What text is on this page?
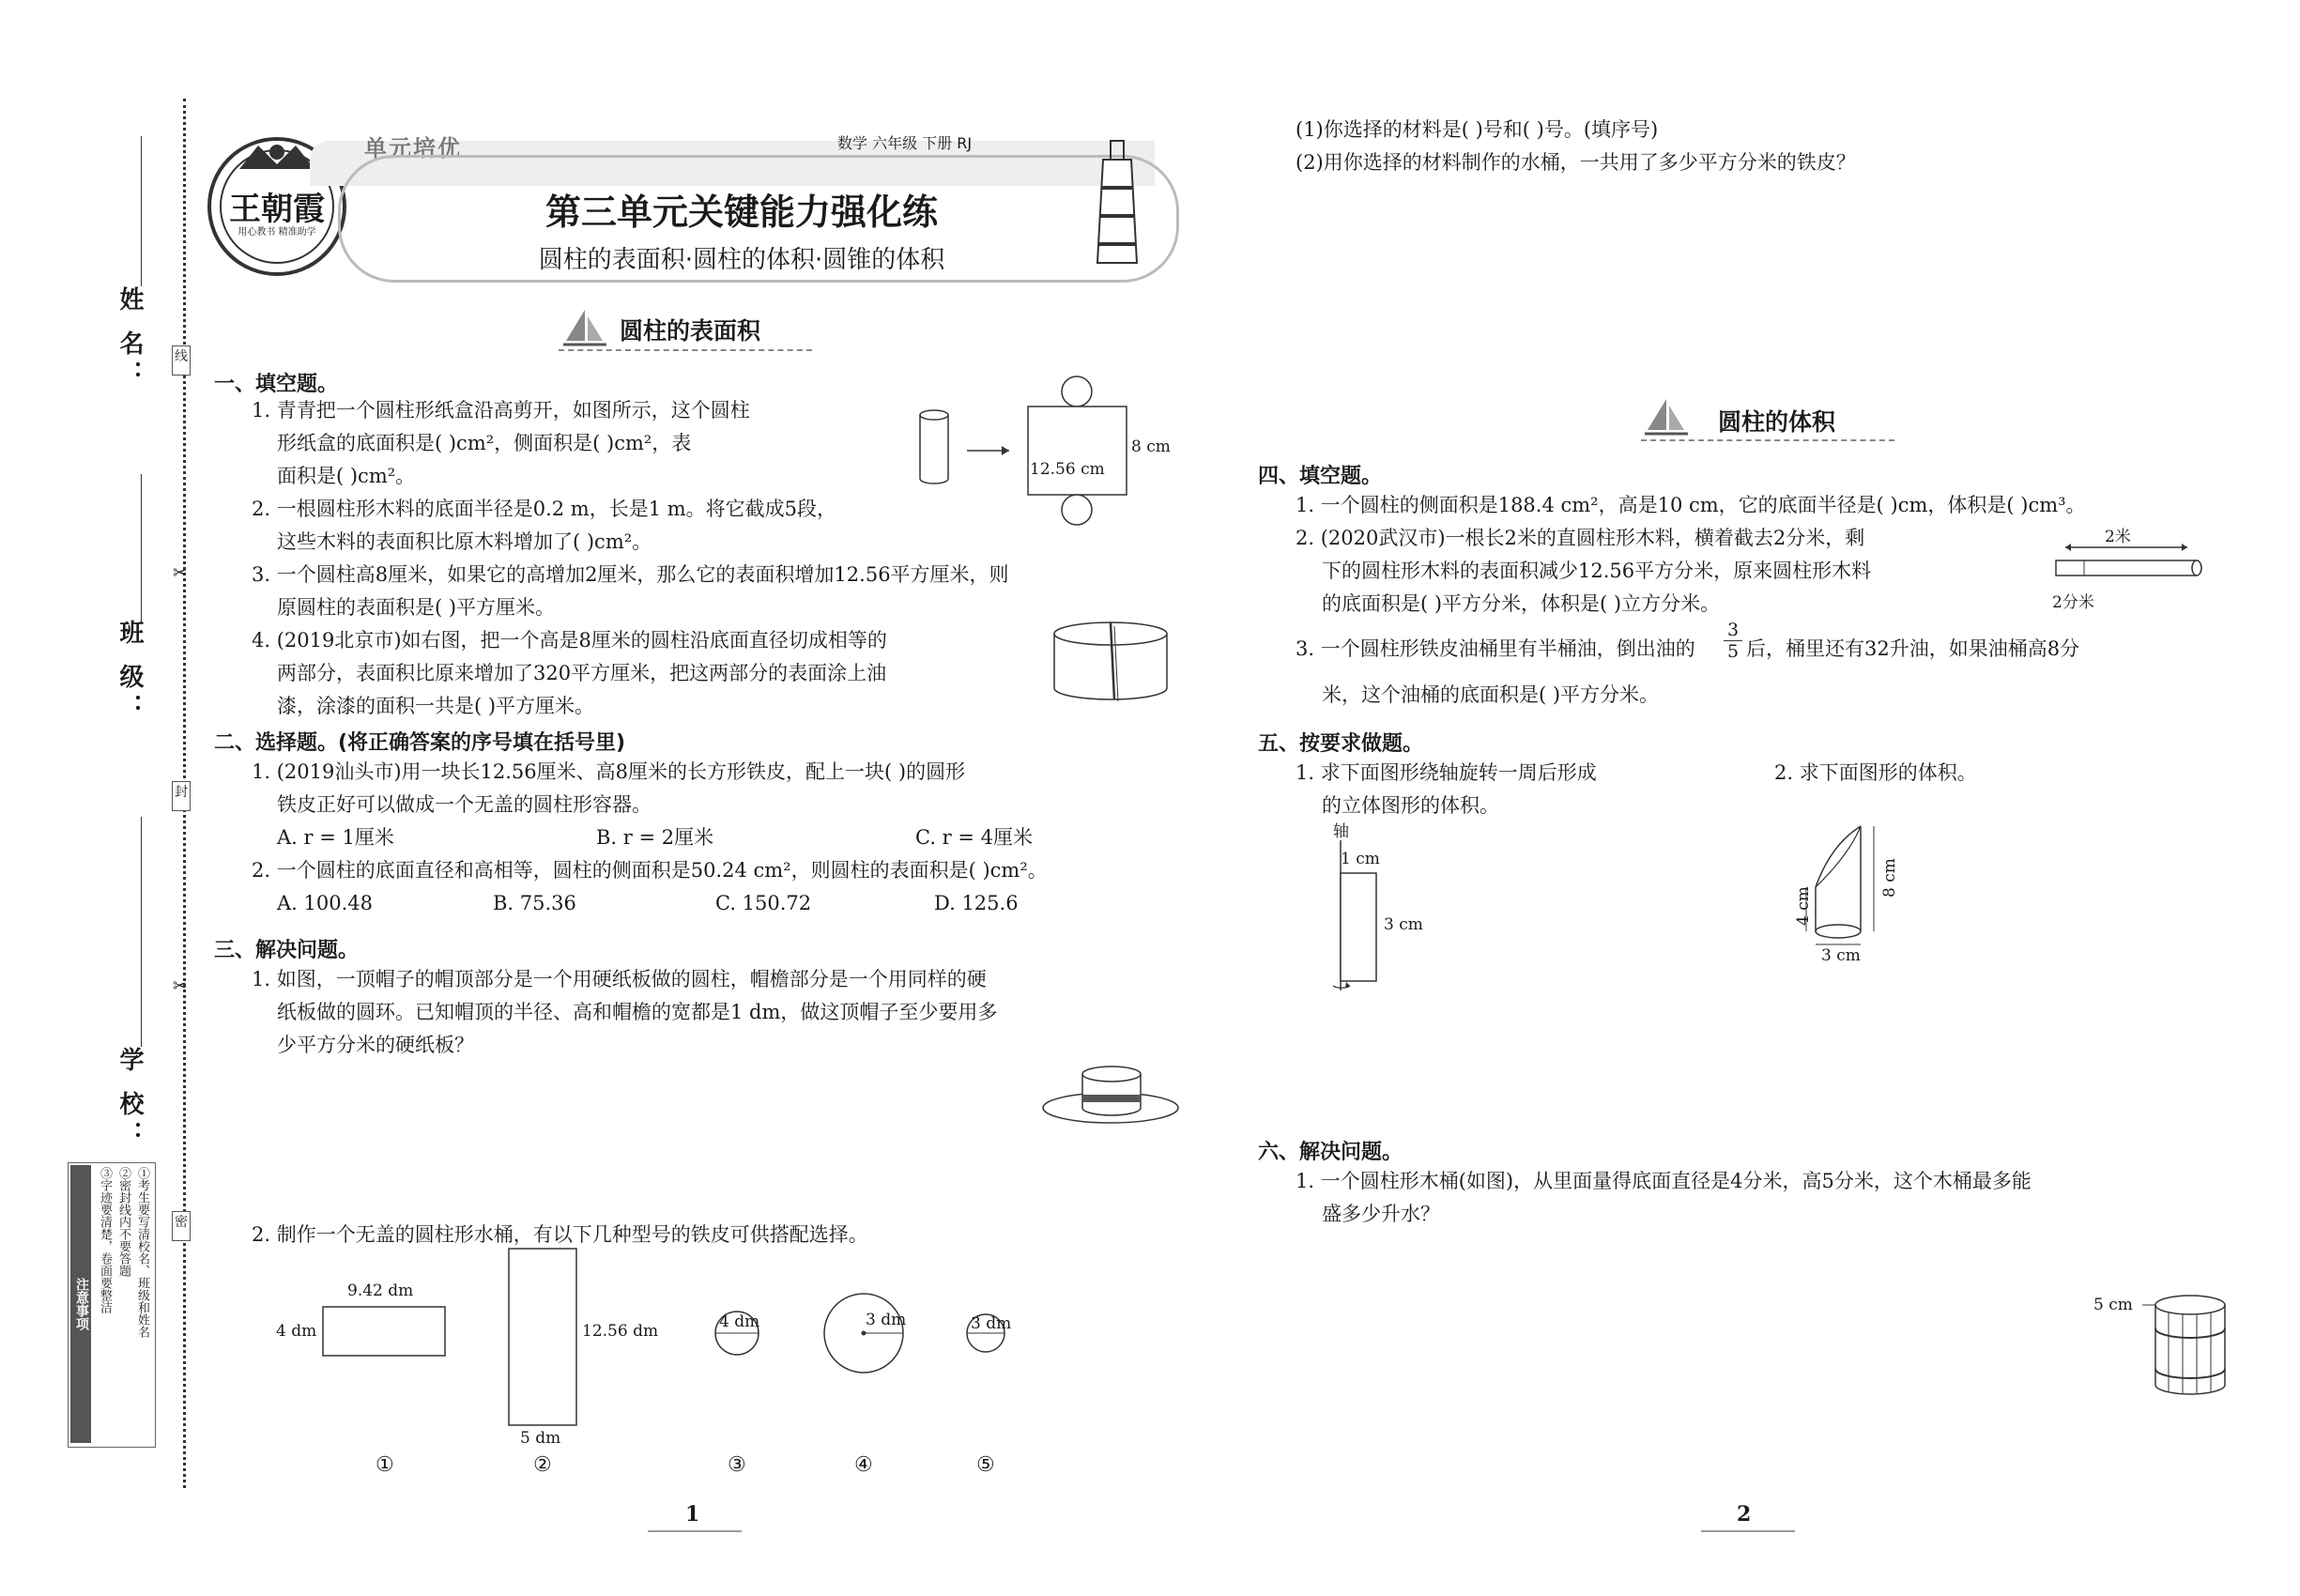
线
封
密
✂
✂
姓 名：
班 级：
学 校：
注意事项	①考生要写清校名、班级和姓名
②密封线内不要答题
③字迹要清楚，卷面要整洁
王朝霞
用心教书 精准助学
单元培优	数学 六年级 下册 RJ
第三单元关键能力强化练
圆柱的表面积·圆柱的体积·圆锥的体积
圆柱的表面积
一、填空题。
1. 青青把一个圆柱形纸盒沿高剪开，如图所示，这个圆柱
形纸盒的底面积是( )cm²，侧面积是( )cm²，表
面积是( )cm²。	12.56 cm
8 cm
2. 一根圆柱形木料的底面半径是0.2 m，长是1 m。将它截成5段，
这些木料的表面积比原木料增加了( )cm²。
3. 一个圆柱高8厘米，如果它的高增加2厘米，那么它的表面积增加12.56平方厘米，则
原圆柱的表面积是( )平方厘米。
4. (2019北京市)如右图，把一个高是8厘米的圆柱沿底面直径切成相等的
两部分，表面积比原来增加了320平方厘米，把这两部分的表面涂上油
漆，涂漆的面积一共是( )平方厘米。
二、选择题。(将正确答案的序号填在括号里)
1. (2019汕头市)用一块长12.56厘米、高8厘米的长方形铁皮，配上一块( )的圆形
铁皮正好可以做成一个无盖的圆柱形容器。
A. r = 1厘米	B. r = 2厘米	C. r = 4厘米
2. 一个圆柱的底面直径和高相等，圆柱的侧面积是50.24 cm²，则圆柱的表面积是( )cm²。
A. 100.48	B. 75.36	C. 150.72	D. 125.6
三、解决问题。
1. 如图，一顶帽子的帽顶部分是一个用硬纸板做的圆柱，帽檐部分是一个用同样的硬
纸板做的圆环。已知帽顶的半径、高和帽檐的宽都是1 dm，做这顶帽子至少要用多
少平方分米的硬纸板？
2. 制作一个无盖的圆柱形水桶，有以下几种型号的铁皮可供搭配选择。
9.42 dm
4 dm	12.56 dm
5 dm
4 dm	3 dm	3 dm
①	②	③	④	⑤
1
(1)你选择的材料是( )号和( )号。(填序号)
(2)用你选择的材料制作的水桶，一共用了多少平方分米的铁皮？
圆柱的体积
四、填空题。
1. 一个圆柱的侧面积是188.4 cm²，高是10 cm，它的底面半径是( )cm，体积是( )cm³。
2. (2020武汉市)一根长2米的直圆柱形木料，横着截去2分米，剩
下的圆柱形木料的表面积减少12.56平方分米，原来圆柱形木料
的底面积是( )平方分米，体积是( )立方分米。
2米
2分米
3. 一个圆柱形铁皮油桶里有半桶油，倒出油的
3
5 后，桶里还有32升油，如果油桶高8分
米，这个油桶的底面积是( )平方分米。
五、按要求做题。
1. 求下面图形绕轴旋转一周后形成
的立体图形的体积。
2. 求下面图形的体积。
轴
1 cm
3 cm	4 cm
8 cm
3 cm
六、解决问题。
1. 一个圆柱形木桶(如图)，从里面量得底面直径是4分米，高5分米，这个木桶最多能
盛多少升水？
5 cm
2
